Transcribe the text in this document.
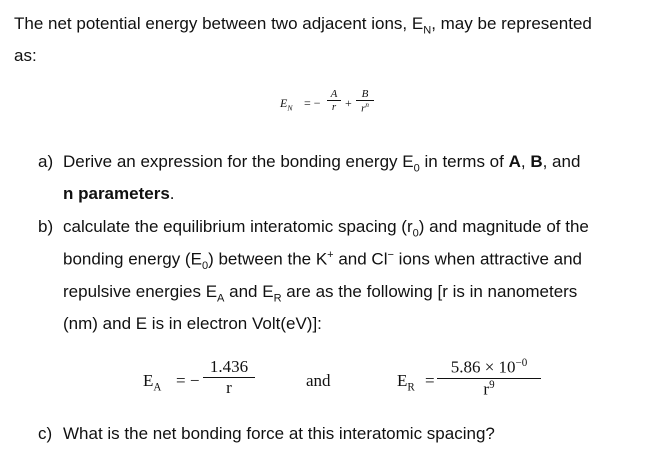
The net potential energy between two adjacent ions, $E_N$, may be represented
as:
$E_N$ = − $\frac{A}{r} + \frac{B}{r^n}$
a) Derive an expression for the bonding energy $E_0$ in terms of A, B, and
n parameters.
b) calculate the equilibrium interatomic spacing $(r_0)$ and magnitude of the
bonding energy $(E_0)$ between the K+ and Cl− ions when attractive and
repulsive energies $E_A$ and $E_R$ are as the following [r is in nanometers
(nm) and E is in electron Volt(eV)]:
$E_A$ = − $\frac{1.436}{r}$	and	$E_R = \frac{5.86 \times 10^{-0}}{r^9}$
c) What is the net bonding force at this interatomic spacing?
